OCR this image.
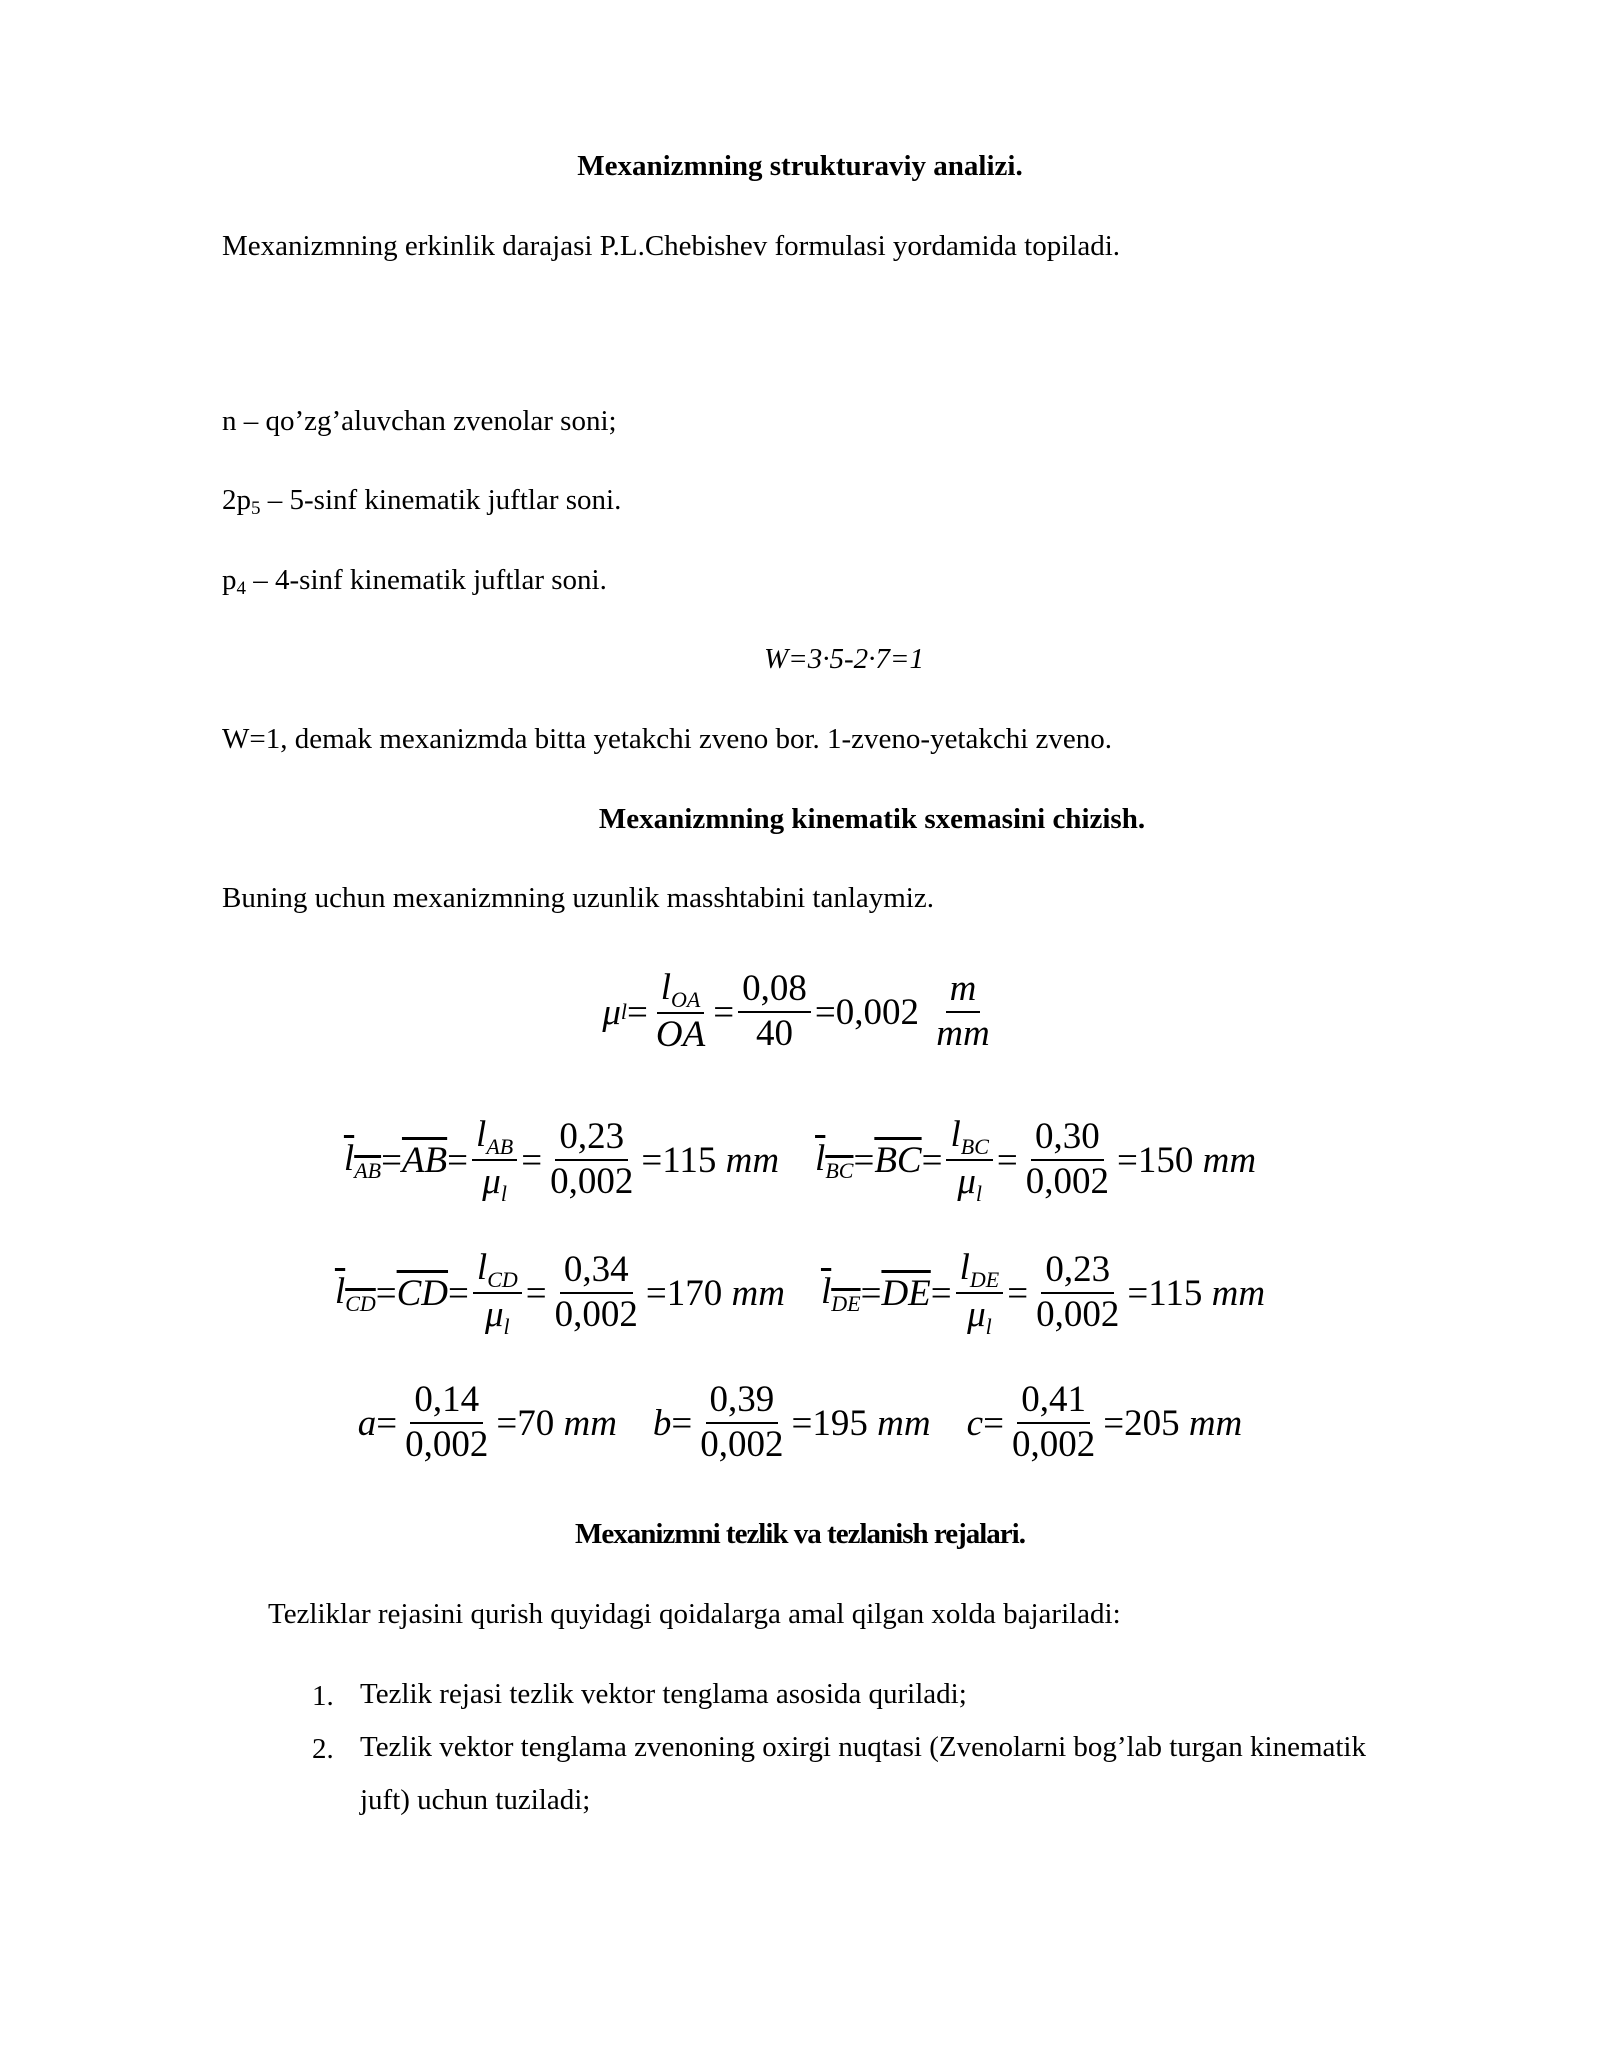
Mexanizmning strukturaviy analizi.
Mexanizmning erkinlik darajasi P.L.Chebishev formulasi yordamida topiladi.
n – qo’zg’aluvchan zvenolar soni;
$2p_5 - 5-\sin f$ kinematik juftlar soni.
$p_4 - 4-\sin f$ kinematik juftlar soni.
W=3·5-2·7=1
W=1, demak mexanizmda bitta yetakchi zveno bor. 1-zveno-yetakchi zveno.
Mexanizmning kinematik sxemasini chizish.
Buning uchun mexanizmning uzunlik masshtabini tanlaymiz.
μ $l = \frac{l_{OA}}{OA} = \frac{0,08}{40} = 0,002$
$\frac{m}{mm}$
$l_{AB} = \overline{AB} = \frac{l_{AB}}{\mu_l} = \frac{0,23}{0,002} = 115$
mm $l_{BC} = \overline{BC} = \frac{l_{BC}}{\mu_l} = \frac{0,30}{0,002} = 150$
mm
$l_{CD} = \overline{CD} = \frac{l_{CD}}{\mu_l} = \frac{0,34}{0,002} = 170$
mm $l_{DE} = \overline{DE} = \frac{l_{DE}}{\mu_l} = \frac{0,23}{0,002} = 115$
mm
$a = \frac{0,14}{0,002} = 70$
mm $b = \frac{0,39}{0,002} = 195$
mm $c = \frac{0,41}{0,002} = 205$
mm
Mexanizmni tezlik va tezlanish rejalari.
Tezliklar rejasini qurish quyidagi qoidalarga amal qilgan xolda bajariladi:
1. Tezlik rejasi tezlik vektor tenglama asosida quriladi;
2. Tezlik vektor tenglama zvenoning oxirgi nuqtasi (Zvenolarni bog’lab turgan kinematik
juft) uchun tuziladi;
